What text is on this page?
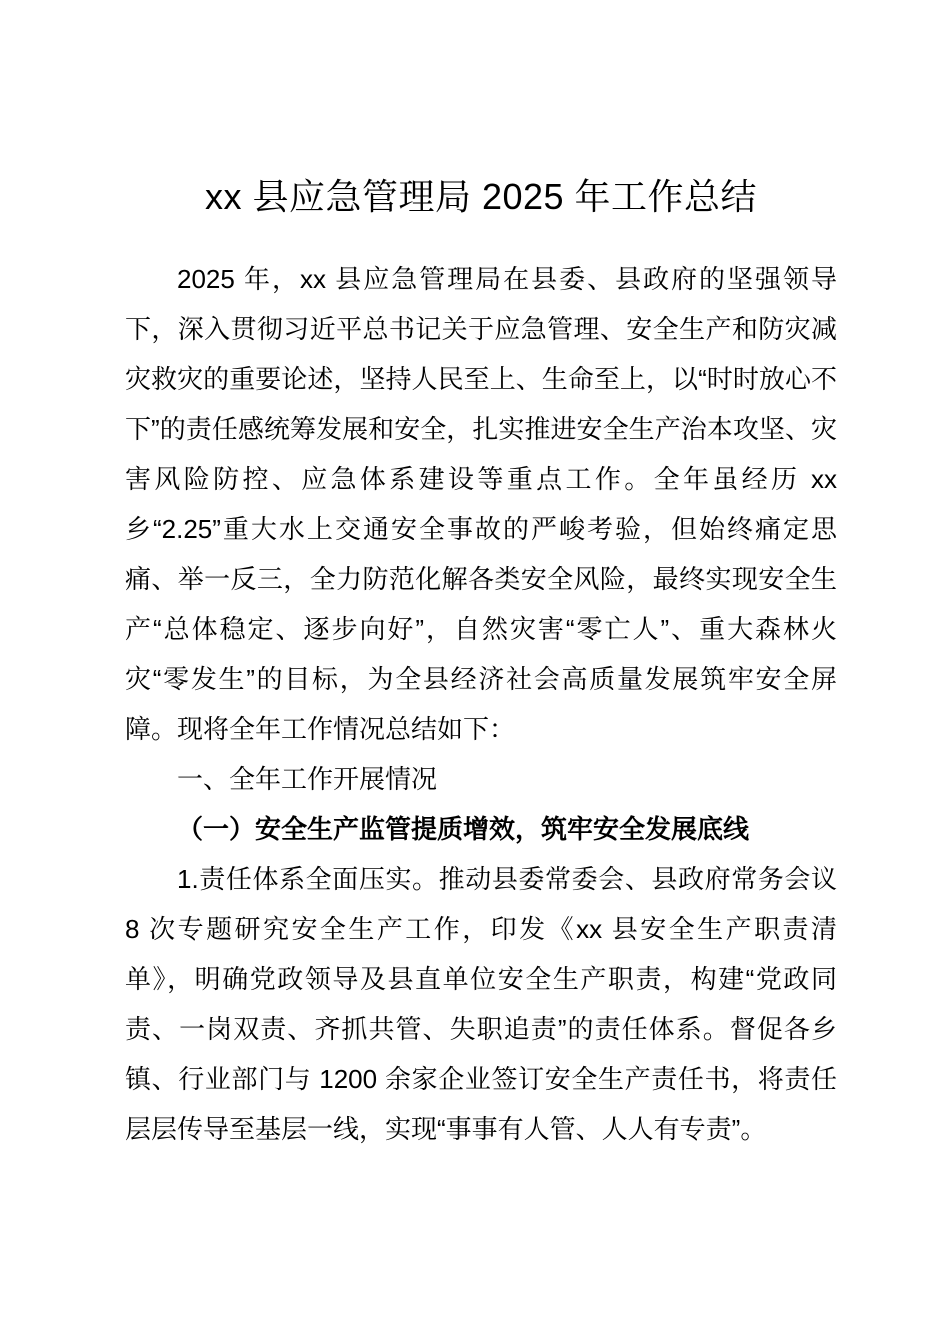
xx 县应急管理局 2025 年工作总结

2025 年，xx 县应急管理局在县委、县政府的坚强领导下，深入贯彻习近平总书记关于应急管理、安全生产和防灾减灾救灾的重要论述，坚持人民至上、生命至上，以“时时放心不下”的责任感统筹发展和安全，扎实推进安全生产治本攻坚、灾害风险防控、应急体系建设等重点工作。全年虽经历 xx 乡“2.25”重大水上交通安全事故的严峻考验，但始终痛定思痛、举一反三，全力防范化解各类安全风险，最终实现安全生产“总体稳定、逐步向好”，自然灾害“零亡人”、重大森林火灾“零发生”的目标，为全县经济社会高质量发展筑牢安全屏障。现将全年工作情况总结如下：

一、全年工作开展情况

（一）安全生产监管提质增效，筑牢安全发展底线

1.责任体系全面压实。推动县委常委会、县政府常务会议 8 次专题研究安全生产工作，印发《xx 县安全生产职责清单》，明确党政领导及县直单位安全生产职责，构建“党政同责、一岗双责、齐抓共管、失职追责”的责任体系。督促各乡镇、行业部门与 1200 余家企业签订安全生产责任书，将责任层层传导至基层一线，实现“事事有人管、人人有专责”。
